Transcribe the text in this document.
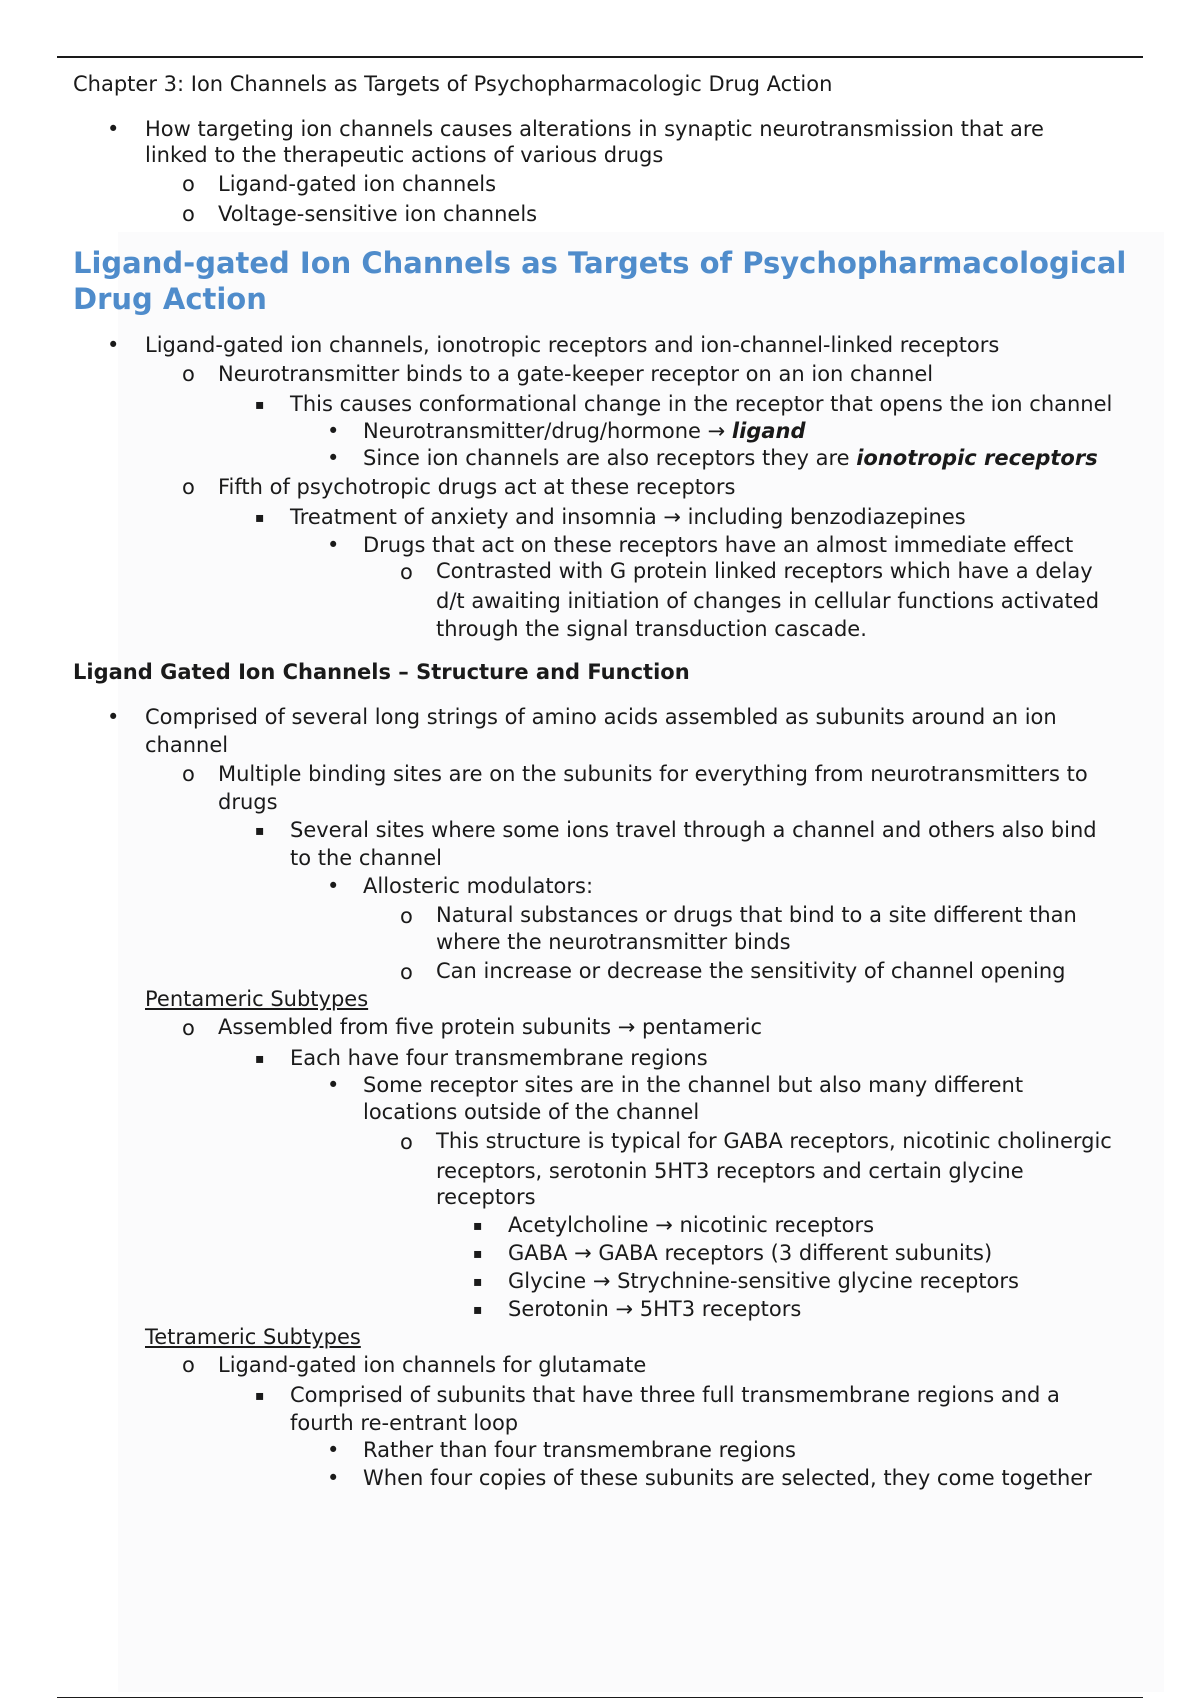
Chapter 3: Ion Channels as Targets of Psychopharmacologic Drug Action
• How targeting ion channels causes alterations in synaptic neurotransmission that are
linked to the therapeutic actions of various drugs
o Ligand-gated ion channels
o Voltage-sensitive ion channels
Ligand-gated Ion Channels as Targets of Psychopharmacological
Drug Action
• Ligand-gated ion channels, ionotropic receptors and ion-channel-linked receptors
o Neurotransmitter binds to a gate-keeper receptor on an ion channel
▪ This causes conformational change in the receptor that opens the ion channel
• Neurotransmitter/drug/hormone → ligand
• Since ion channels are also receptors they are ionotropic receptors
o Fifth of psychotropic drugs act at these receptors
▪ Treatment of anxiety and insomnia → including benzodiazepines
• Drugs that act on these receptors have an almost immediate effect
o Contrasted with G protein linked receptors which have a delay
d/t awaiting initiation of changes in cellular functions activated
through the signal transduction cascade.
Ligand Gated Ion Channels – Structure and Function
• Comprised of several long strings of amino acids assembled as subunits around an ion
channel
o Multiple binding sites are on the subunits for everything from neurotransmitters to
drugs
▪ Several sites where some ions travel through a channel and others also bind
to the channel
• Allosteric modulators:
o Natural substances or drugs that bind to a site different than
where the neurotransmitter binds
o Can increase or decrease the sensitivity of channel opening
Pentameric Subtypes
o Assembled from five protein subunits → pentameric
▪ Each have four transmembrane regions
• Some receptor sites are in the channel but also many different
locations outside of the channel
o This structure is typical for GABA receptors, nicotinic cholinergic
receptors, serotonin 5HT3 receptors and certain glycine
receptors
▪ Acetylcholine → nicotinic receptors
▪ GABA → GABA receptors (3 different subunits)
▪ Glycine → Strychnine-sensitive glycine receptors
▪ Serotonin → 5HT3 receptors
Tetrameric Subtypes
o Ligand-gated ion channels for glutamate
▪ Comprised of subunits that have three full transmembrane regions and a
fourth re-entrant loop
• Rather than four transmembrane regions
• When four copies of these subunits are selected, they come together
